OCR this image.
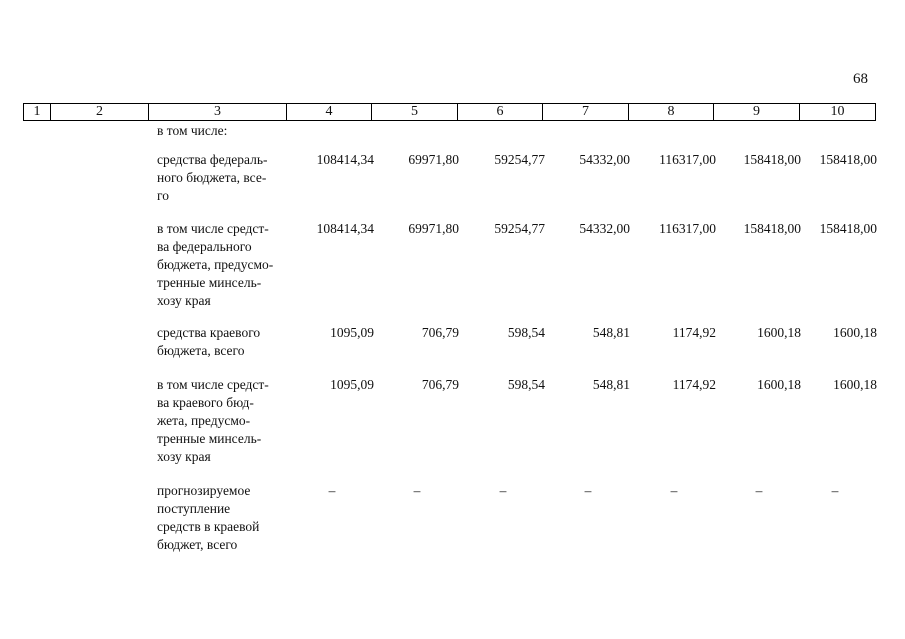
68
1	2	3	4	5	6	7	8	9	10
в том числе:
средства федераль-
ного бюджета, все-
го
108414,34	69971,80	59254,77	54332,00	116317,00	158418,00	158418,00
в том числе средст-
ва федерального
бюджета, предусмо-
тренные минсель-
хозу края
108414,34	69971,80	59254,77	54332,00	116317,00	158418,00	158418,00
средства краевого
бюджета, всего
1095,09	706,79	598,54	548,81	1174,92	1600,18	1600,18
в том числе средст-
ва краевого бюд-
жета, предусмо-
тренные минсель-
хозу края
1095,09	706,79	598,54	548,81	1174,92	1600,18	1600,18
прогнозируемое
поступление
средств в краевой
бюджет, всего
–	–	–	–	–	–	–
